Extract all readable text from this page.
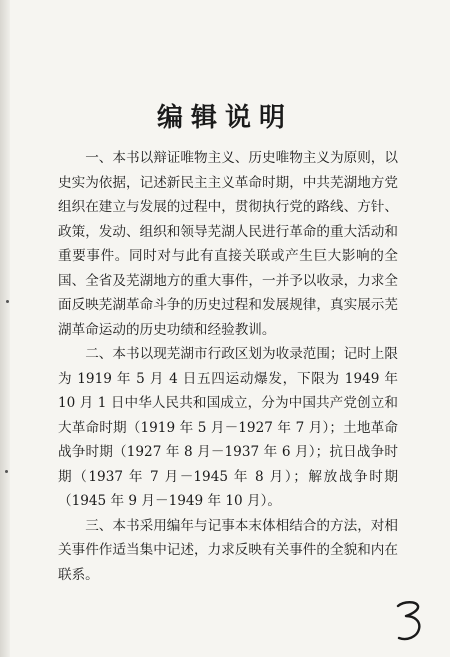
编辑说明

一、本书以辩证唯物主义、历史唯物主义为原则，以史实为依据，记述新民主主义革命时期，中共芜湖地方党组织在建立与发展的过程中，贯彻执行党的路线、方针、政策，发动、组织和领导芜湖人民进行革命的重大活动和重要事件。同时对与此有直接关联或产生巨大影响的全国、全省及芜湖地方的重大事件，一并予以收录，力求全面反映芜湖革命斗争的历史过程和发展规律，真实展示芜湖革命运动的历史功绩和经验教训。

二、本书以现芜湖市行政区划为收录范围；记时上限为 1919 年 5 月 4 日五四运动爆发，下限为 1949 年 10 月 1 日中华人民共和国成立，分为中国共产党创立和大革命时期（1919 年 5 月－1927 年 7 月）；土地革命战争时期（1927 年 8 月－1937 年 6 月）；抗日战争时期（1937 年 7 月－1945 年 8 月）；解放战争时期（1945 年 9 月－1949 年 10 月）。

三、本书采用编年与记事本末体相结合的方法，对相关事件作适当集中记述，力求反映有关事件的全貌和内在联系。
